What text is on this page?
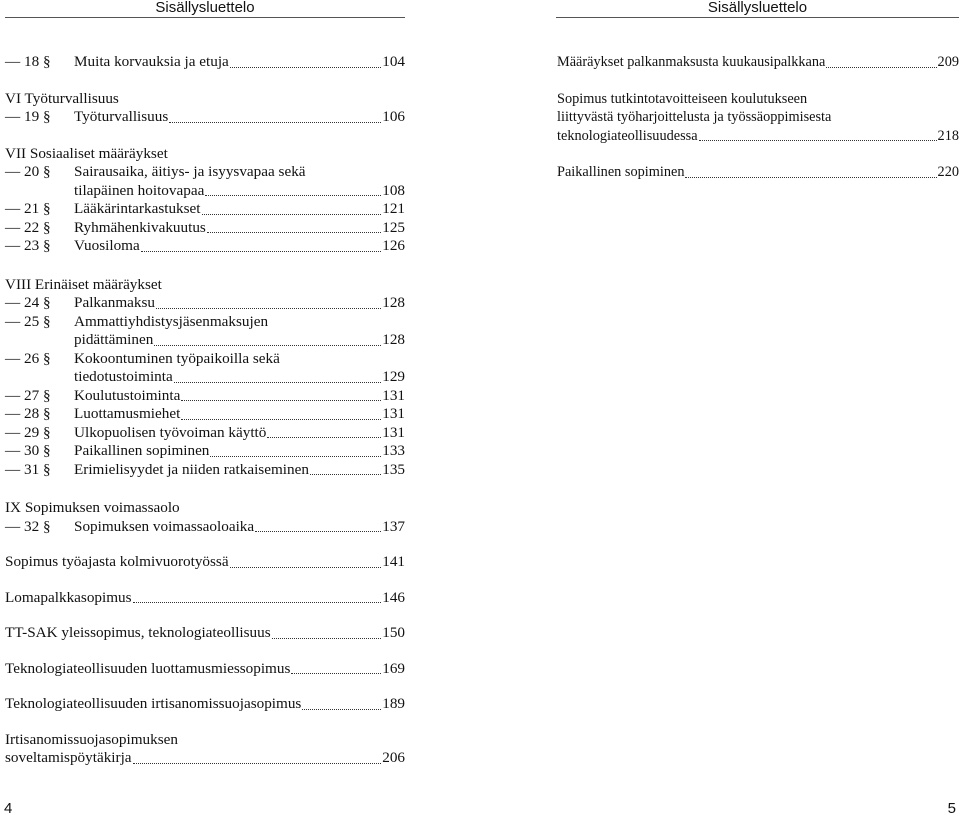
Sisällysluettelo
— 18 §	Muita korvauksia ja etuja	104
VI Työturvallisuus
— 19 §	Työturvallisuus	106
VII Sosiaaliset määräykset
— 20 §	Sairausaika, äitiys- ja isyysvapaa sekä
tilapäinen hoitovapaa	108
— 21 §	Lääkärintarkastukset	121
— 22 §	Ryhmähenkivakuutus	125
— 23 §	Vuosiloma	126
VIII Erinäiset määräykset
— 24 §	Palkanmaksu	128
— 25 §	Ammattiyhdistysjäsenmaksujen
pidättäminen	128
— 26 §	Kokoontuminen työpaikoilla sekä
tiedotustoiminta	129
— 27 §	Koulutustoiminta	131
— 28 §	Luottamusmiehet	131
— 29 §	Ulkopuolisen työvoiman käyttö	131
— 30 §	Paikallinen sopiminen	133
— 31 §	Erimielisyydet ja niiden ratkaiseminen	135
IX Sopimuksen voimassaolo
— 32 §	Sopimuksen voimassaoloaika	137
Sopimus työajasta kolmivuorotyössä	141
Lomapalkkasopimus	146
TT-SAK yleissopimus, teknologiateollisuus	150
Teknologiateollisuuden luottamusmiessopimus	169
Teknologiateollisuuden irtisanomissuojasopimus	189
Irtisanomissuojasopimuksen
soveltamispöytäkirja	206
4
Sisällysluettelo
Määräykset palkanmaksusta kuukausipalkkana	209
Sopimus tutkintotavoitteiseen koulutukseen
liittyvästä työharjoittelusta ja työssäoppimisesta
teknologiateollisuudessa	218
Paikallinen sopiminen	220
5
